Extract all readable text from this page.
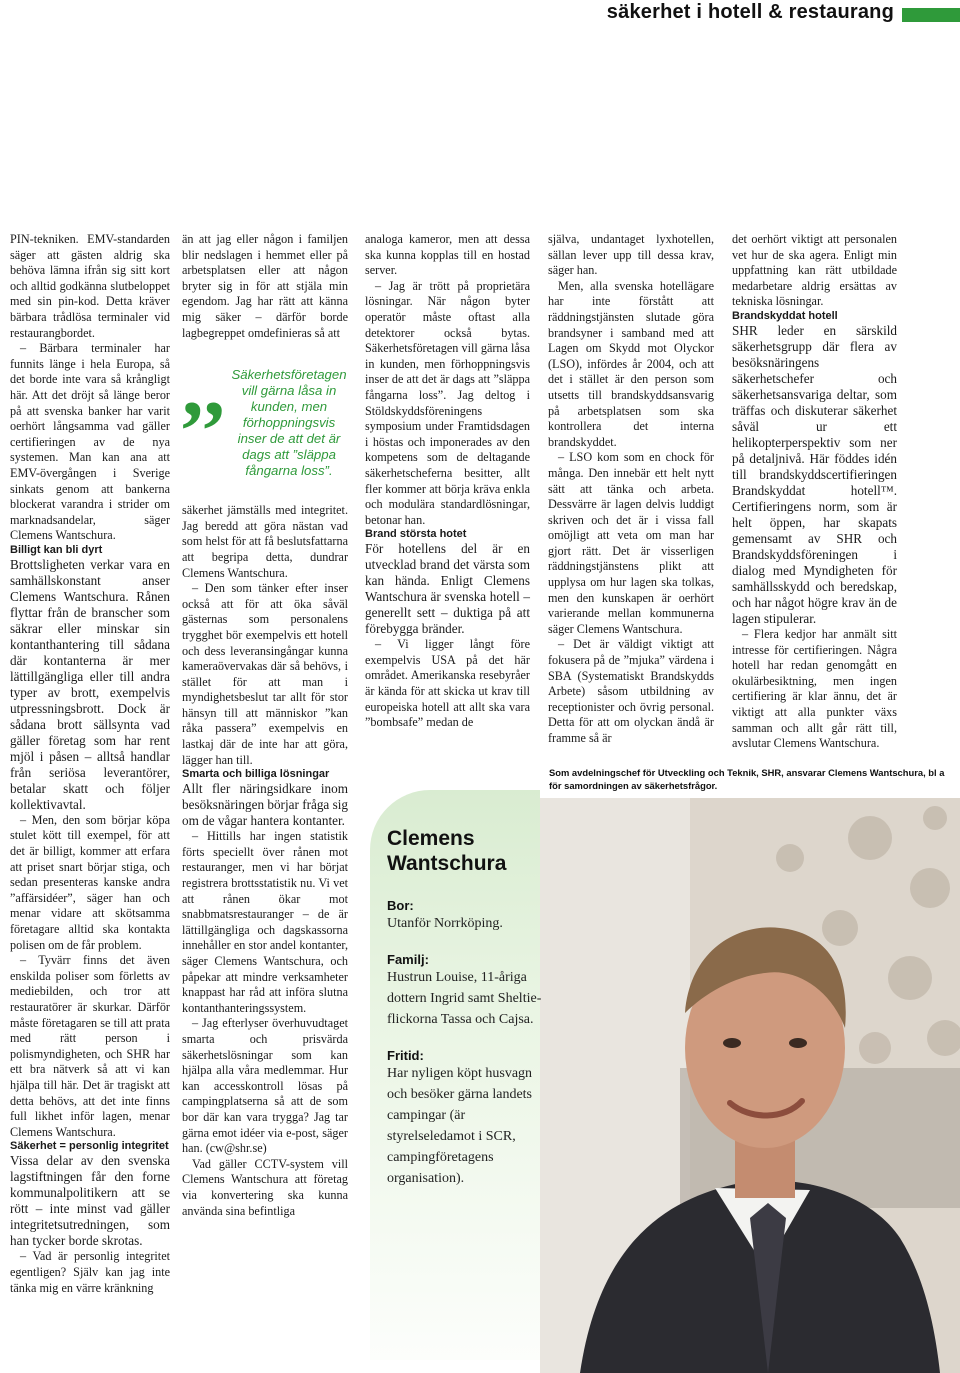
säkerhet i hotell & restaurang

PIN-tekniken. EMV-standarden säger att gästen aldrig ska behöva lämna ifrån sig sitt kort och alltid godkänna slutbeloppet med sin pin-kod. Detta kräver bärbara trådlösa terminaler vid restaurangbordet.

– Bärbara terminaler har funnits länge i hela Europa, så det borde inte vara så krångligt här. Att det dröjt så länge beror på att svenska banker har varit oerhört långsamma vad gäller certifieringen av de nya systemen. Man kan ana att EMV-övergången i Sverige sinkats genom att bankerna blockerat varandra i strider om marknadsandelar, säger Clemens Wantschura.

Billigt kan bli dyrt

Brottsligheten verkar vara en samhällskonstant anser Clemens Wantschura. Rånen flyttar från de branscher som säkrar eller minskar sin kontanthantering till sådana där kontanterna är mer lättillgängliga eller till andra typer av brott, exempelvis utpressningsbrott. Dock är sådana brott sällsynta vad gäller företag som har rent mjöl i påsen – alltså handlar från seriösa leverantörer, betalar skatt och följer kollektivavtal.

– Men, den som börjar köpa stulet kött till exempel, för att det är billigt, kommer att erfara att priset snart börjar stiga, och sedan presenteras kanske andra ”affärsidéer”, säger han och menar vidare att skötsamma företagare alltid ska kontakta polisen om de får problem.

– Tyvärr finns det även enskilda poliser som förletts av mediebilden, och tror att restauratörer är skurkar. Därför måste företagaren se till att prata med rätt person i polismyndigheten, och SHR har ett bra nätverk så att vi kan hjälpa till här. Det är tragiskt att detta behövs, att det inte finns full likhet inför lagen, menar Clemens Wantschura.

Säkerhet = personlig integritet

Vissa delar av den svenska lagstiftningen får den forne kommunalpolitikern att se rött – inte minst vad gäller integritetsutredningen, som han tycker borde skrotas.

– Vad är personlig integritet egentligen? Själv kan jag inte tänka mig en värre kränkning

än att jag eller någon i familjen blir nedslagen i hemmet eller på arbetsplatsen eller att någon bryter sig in för att stjäla min egendom. Jag har rätt att känna mig säker – därför borde lagbegreppet omdefinieras så att

,, Säkerhetsföretagen vill gärna låsa in kunden, men förhoppningsvis inser de att det är dags att ”släppa fångarna loss”.

säkerhet jämställs med integritet. Jag beredd att göra nästan vad som helst för att få beslutsfattarna att begripa detta, dundrar Clemens Wantschura.

– Den som tänker efter inser också att för att öka såväl gästernas som personalens trygghet bör exempelvis ett hotell och dess leveransingångar kunna kameraövervakas där så behövs, i stället för att man i myndighetsbeslut tar allt för stor hänsyn till att människor ”kan råka passera” exempelvis en lastkaj där de inte har att göra, lägger han till.

Smarta och billiga lösningar

Allt fler näringsidkare inom besöksnäringen börjar fråga sig om de vågar hantera kontanter.

– Hittills har ingen statistik förts speciellt över rånen mot restauranger, men vi har börjat registrera brottsstatistik nu. Vi vet att rånen ökar mot snabbmatsrestauranger – de är lättillgängliga och dagskassorna innehåller en stor andel kontanter, säger Clemens Wantschura, och påpekar att mindre verksamheter knappast har råd att införa slutna kontanthanteringssystem.

– Jag efterlyser överhuvudtaget smarta och prisvärda säkerhetslösningar som kan hjälpa alla våra medlemmar. Hur kan accesskontroll lösas på campingplatserna så att de som bor där kan vara trygga? Jag tar gärna emot idéer via e-post, säger han. (cw@shr.se)

Vad gäller CCTV-system vill Clemens Wantschura att företag via konvertering ska kunna använda sina befintliga

analoga kameror, men att dessa ska kunna kopplas till en hostad server.

– Jag är trött på proprietära lösningar. När någon byter operatör måste oftast alla detektorer också bytas. Säkerhetsföretagen vill gärna låsa in kunden, men förhoppningsvis inser de att det är dags att ”släppa fångarna loss”. Jag deltog i Stöldskyddsföreningens symposium under Framtidsdagen i höstas och imponerades av den kompetens som de deltagande säkerhetscheferna besitter, allt fler kommer att börja kräva enkla och modulära standardlösningar, betonar han.

Brand största hotet

För hotellens del är en utvecklad brand det värsta som kan hända. Enligt Clemens Wantschura är svenska hotell – generellt sett – duktiga på att förebygga bränder.

– Vi ligger långt före exempelvis USA på det här området. Amerikanska resebyråer är kända för att skicka ut krav till europeiska hotell att allt ska vara ”bombsafe” medan de

själva, undantaget lyxhotellen, sällan lever upp till dessa krav, säger han.

Men, alla svenska hotellägare har inte förstått att räddningstjänsten slutade göra brandsyner i samband med att Lagen om Skydd mot Olyckor (LSO), infördes år 2004, och att det i stället är den person som utsetts till brandskyddsansvarig på arbetsplatsen som ska kontrollera det interna brandskyddet.

– LSO kom som en chock för många. Den innebär ett helt nytt sätt att tänka och arbeta. Dessvärre är lagen delvis luddigt skriven och det är i vissa fall omöjligt att veta om man har gjort rätt. Det är visserligen räddningstjänstens plikt att upplysa om hur lagen ska tolkas, men den kunskapen är oerhört varierande mellan kommunerna säger Clemens Wantschura.

– Det är väldigt viktigt att fokusera på de ”mjuka” värdena i SBA (Systematiskt Brandskydds Arbete) såsom utbildning av receptionister och övrig personal. Detta för att om olyckan ändå är framme så är

det oerhört viktigt att personalen vet hur de ska agera. Enligt min uppfattning kan rätt utbildade medarbetare aldrig ersättas av tekniska lösningar.

Brandskyddat hotell

SHR leder en särskild säkerhetsgrupp där flera av besöksnäringens säkerhetschefer och säkerhetsansvariga deltar, som träffas och diskuterar säkerhet såväl ur ett helikopterperspektiv som ner på detaljnivå. Här föddes idén till brandskyddscertifieringen Brandskyddat hotell™. Certifieringens norm, som är helt öppen, har skapats gemensamt av SHR och Brandskyddsföreningen i dialog med Myndigheten för samhällsskydd och beredskap, och har något högre krav än de lagen stipulerar.

– Flera kedjor har anmält sitt intresse för certifieringen. Några hotell har redan genomgått en okulärbesiktning, men ingen certifiering är klar ännu, det är viktigt att alla punkter växs samman och allt går rätt till, avslutar Clemens Wantschura.

Som avdelningschef för Utveckling och Teknik, SHR, ansvarar Clemens Wantschura, bl a för samordningen av säkerhetsfrågor.

Clemens Wantschura

Bor:

Utanför Norrköping.

Familj:

Hustrun Louise, 11-åriga dottern Ingrid samt Sheltie-flickorna Tassa och Cajsa.

Fritid:

Har nyligen köpt husvagn och besöker gärna landets campingar (är styrelseledamot i SCR, campingföretagens organisation).
